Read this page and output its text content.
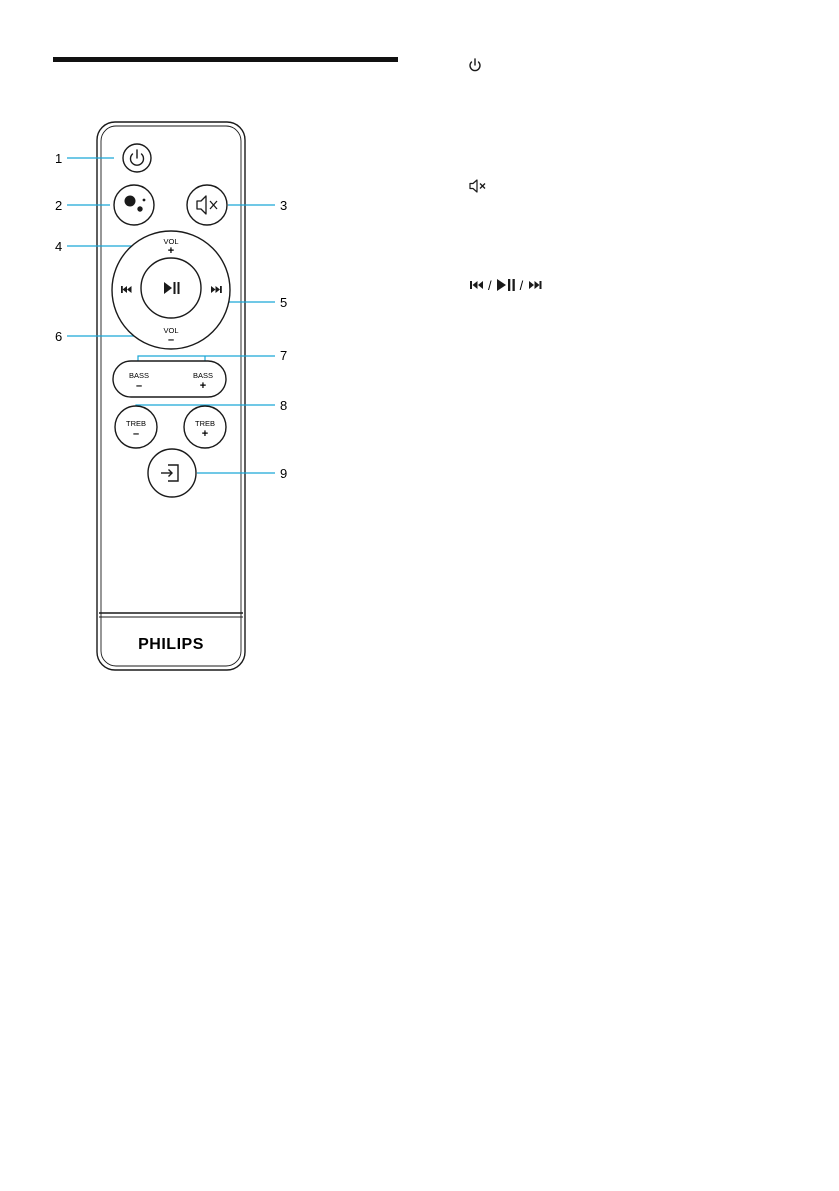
1
2	3
4
5
6
7
8
9
VOL
+
VOL
–
BASS
–
BASS
+
TREB
–
TREB
+
PHILIPS
/ /
